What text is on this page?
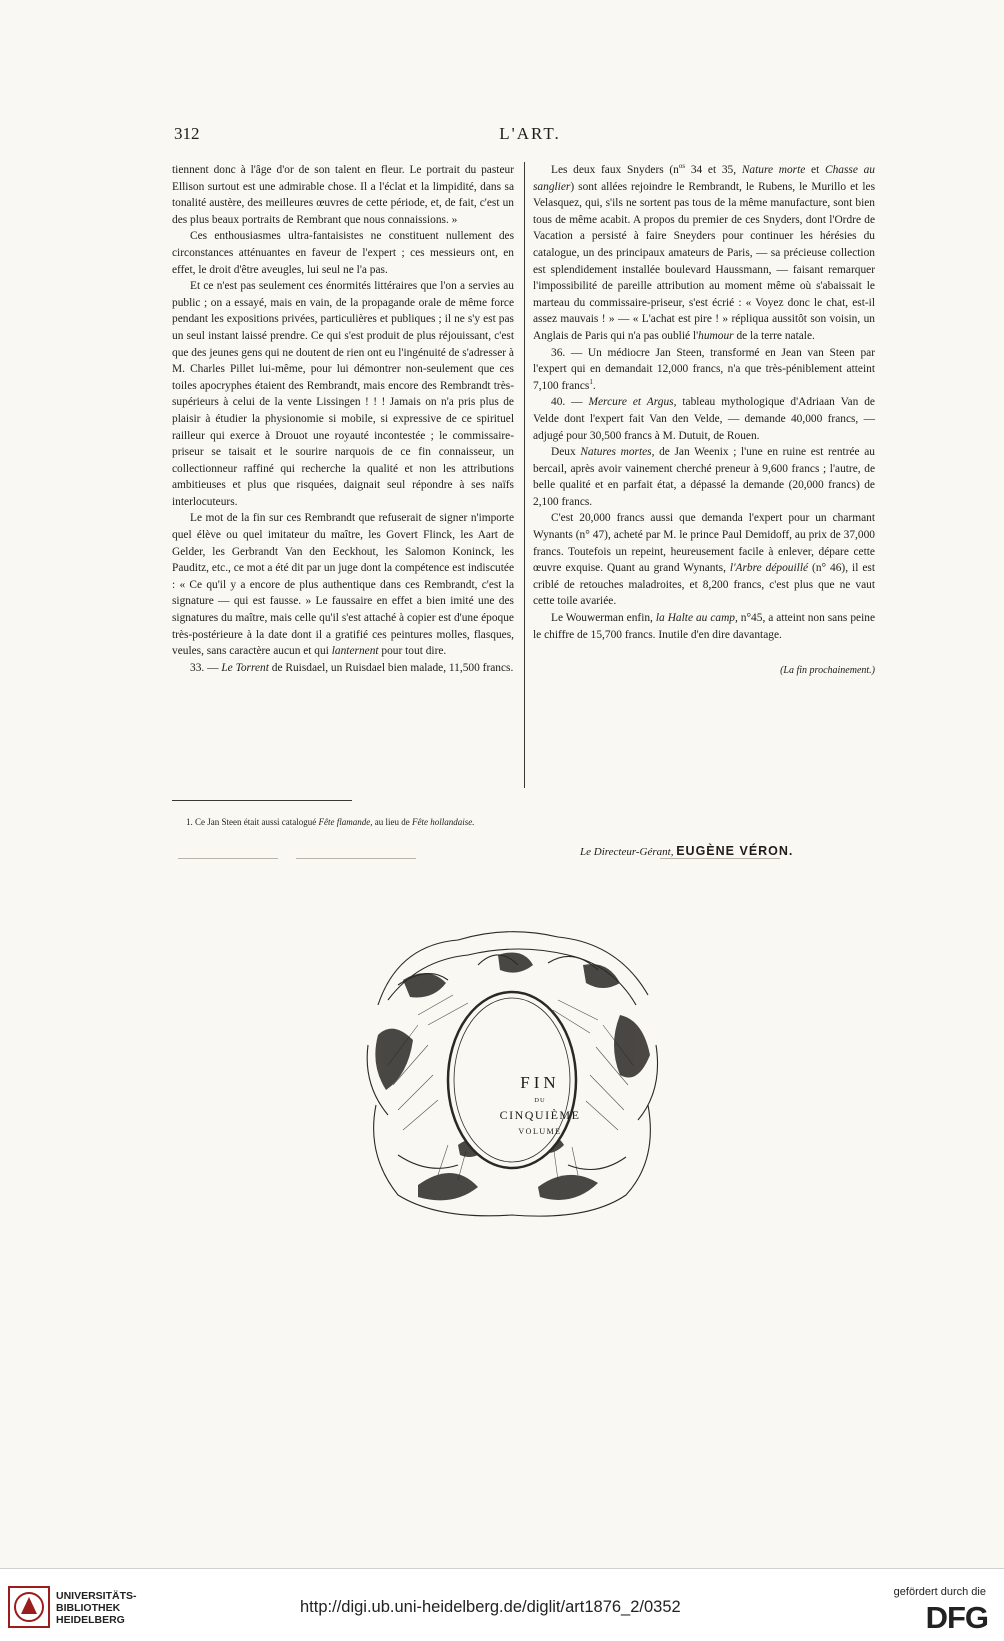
312	L'ART.

tiennent donc à l'âge d'or de son talent en fleur. Le portrait du pasteur Ellison surtout est une admirable chose. Il a l'éclat et la limpidité, dans sa tonalité austère, des meilleures œuvres de cette période, et, de fait, c'est un des plus beaux portraits de Rembrant que nous connaissions. »

Ces enthousiasmes ultra-fantaisistes ne constituent nullement des circonstances atténuantes en faveur de l'expert ; ces messieurs ont, en effet, le droit d'être aveugles, lui seul ne l'a pas.

Et ce n'est pas seulement ces énormités littéraires que l'on a servies au public ; on a essayé, mais en vain, de la propagande orale de même force pendant les expositions privées, particulières et publiques ; il ne s'y est pas un seul instant laissé prendre. Ce qui s'est produit de plus réjouissant, c'est que des jeunes gens qui ne doutent de rien ont eu l'ingénuité de s'adresser à M. Charles Pillet lui-même, pour lui démontrer non-seulement que ces toiles apocryphes étaient des Rembrandt, mais encore des Rembrandt très-supérieurs à celui de la vente Lissingen ! ! ! Jamais on n'a pris plus de plaisir à étudier la physionomie si mobile, si expressive de ce spirituel railleur qui exerce à Drouot une royauté incontestée ; le commissaire-priseur se taisait et le sourire narquois de ce fin connaisseur, un collectionneur raffiné qui recherche la qualité et non les attributions ambitieuses et plus que risquées, daignait seul répondre à ses naïfs interlocuteurs.

Le mot de la fin sur ces Rembrandt que refuserait de signer n'importe quel élève ou quel imitateur du maître, les Govert Flinck, les Aart de Gelder, les Gerbrandt Van den Eeckhout, les Salomon Koninck, les Pauditz, etc., ce mot a été dit par un juge dont la compétence est indiscutée : « Ce qu'il y a encore de plus authentique dans ces Rembrandt, c'est la signature — qui est fausse. » Le faussaire en effet a bien imité une des signatures du maître, mais celle qu'il s'est attaché à copier est d'une époque très-postérieure à la date dont il a gratifié ces peintures molles, flasques, veules, sans caractère aucun et qui lanternent pour tout dire.

33. — Le Torrent de Ruisdael, un Ruisdael bien malade, 11,500 francs.

Les deux faux Snyders ($n^{os}$ 34 et 35, Nature morte et Chasse au sanglier) sont allées rejoindre le Rembrandt, le Rubens, le Murillo et les Velasquez, qui, s'ils ne sortent pas tous de la même manufacture, sont bien tous de même acabit. A propos du premier de ces Snyders, dont l'Ordre de Vacation a persisté à faire Sneyders pour continuer les hérésies du catalogue, un des principaux amateurs de Paris, — sa précieuse collection est splendidement installée boulevard Haussmann, — faisant remarquer l'impossibilité de pareille attribution au moment même où s'abaissait le marteau du commissaire-priseur, s'est écrié : « Voyez donc le chat, est-il assez mauvais ! » — « L'achat est pire ! » répliqua aussitôt son voisin, un Anglais de Paris qui n'a pas oublié l'humour de la terre natale.

36. — Un médiocre Jan Steen, transformé en Jean van Steen par l'expert qui en demandait 12,000 francs, n'a que très-péniblement atteint 7,100 francs$^1$.

40. — Mercure et Argus, tableau mythologique d'Adriaan Van de Velde dont l'expert fait Van den Velde, — demande 40,000 francs, — adjugé pour 30,500 francs à M. Dutuit, de Rouen.

Deux Natures mortes, de Jan Weenix ; l'une en ruine est rentrée au bercail, après avoir vainement cherché preneur à 9,600 francs ; l'autre, de belle qualité et en parfait état, a dépassé la demande (20,000 francs) de 2,100 francs.

C'est 20,000 francs aussi que demanda l'expert pour un charmant Wynants (n° 47), acheté par M. le prince Paul Demidoff, au prix de 37,000 francs. Toutefois un repeint, heureusement facile à enlever, dépare cette œuvre exquise. Quant au grand Wynants, l'Arbre dépouillé (n° 46), il est criblé de retouches maladroites, et 8,200 francs, c'est plus que ne vaut cette toile avariée.

Le Wouwerman enfin, la Halte au camp, n°45, a atteint non sans peine le chiffre de 15,700 francs. Inutile d'en dire davantage.

(La fin prochainement.)

1. Ce Jan Steen était aussi catalogué Fête flamande, au lieu de Fête hollandaise.
Le Directeur-Gérant, EUGÈNE VÉRON.
FIN
DU
CINQUIÈME
VOLUME
UNIVERSITÄTS-
BIBLIOTHEK
HEIDELBERG
http://digi.ub.uni-heidelberg.de/diglit/art1876_2/0352
gefördert durch die
DFG
